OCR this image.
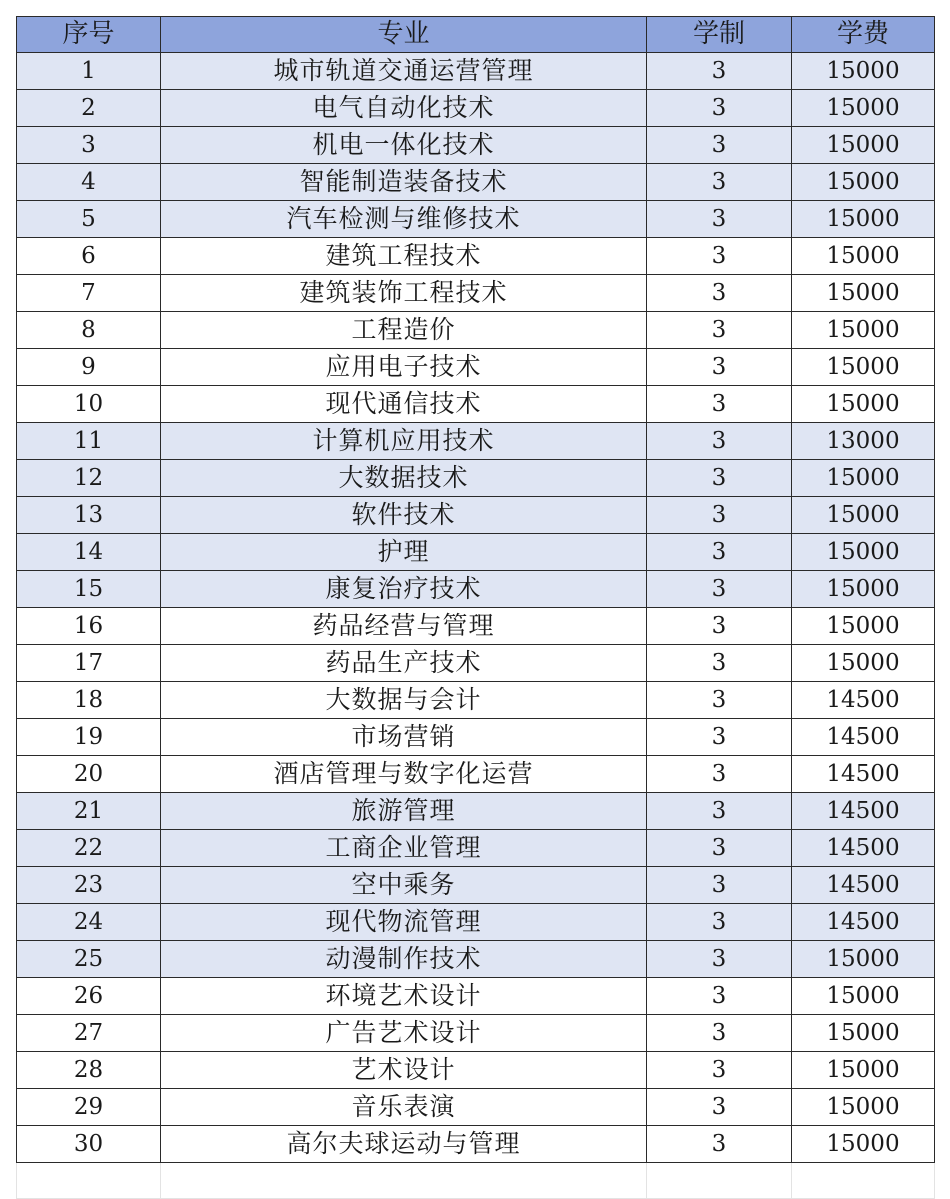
序号	专业	学制	学费
1	城市轨道交通运营管理	3	15000
2	电气自动化技术	3	15000
3	机电一体化技术	3	15000
4	智能制造装备技术	3	15000
5	汽车检测与维修技术	3	15000
6	建筑工程技术	3	15000
7	建筑装饰工程技术	3	15000
8	工程造价	3	15000
9	应用电子技术	3	15000
10	现代通信技术	3	15000
11	计算机应用技术	3	13000
12	大数据技术	3	15000
13	软件技术	3	15000
14	护理	3	15000
15	康复治疗技术	3	15000
16	药品经营与管理	3	15000
17	药品生产技术	3	15000
18	大数据与会计	3	14500
19	市场营销	3	14500
20	酒店管理与数字化运营	3	14500
21	旅游管理	3	14500
22	工商企业管理	3	14500
23	空中乘务	3	14500
24	现代物流管理	3	14500
25	动漫制作技术	3	15000
26	环境艺术设计	3	15000
27	广告艺术设计	3	15000
28	艺术设计	3	15000
29	音乐表演	3	15000
30	高尔夫球运动与管理	3	15000
